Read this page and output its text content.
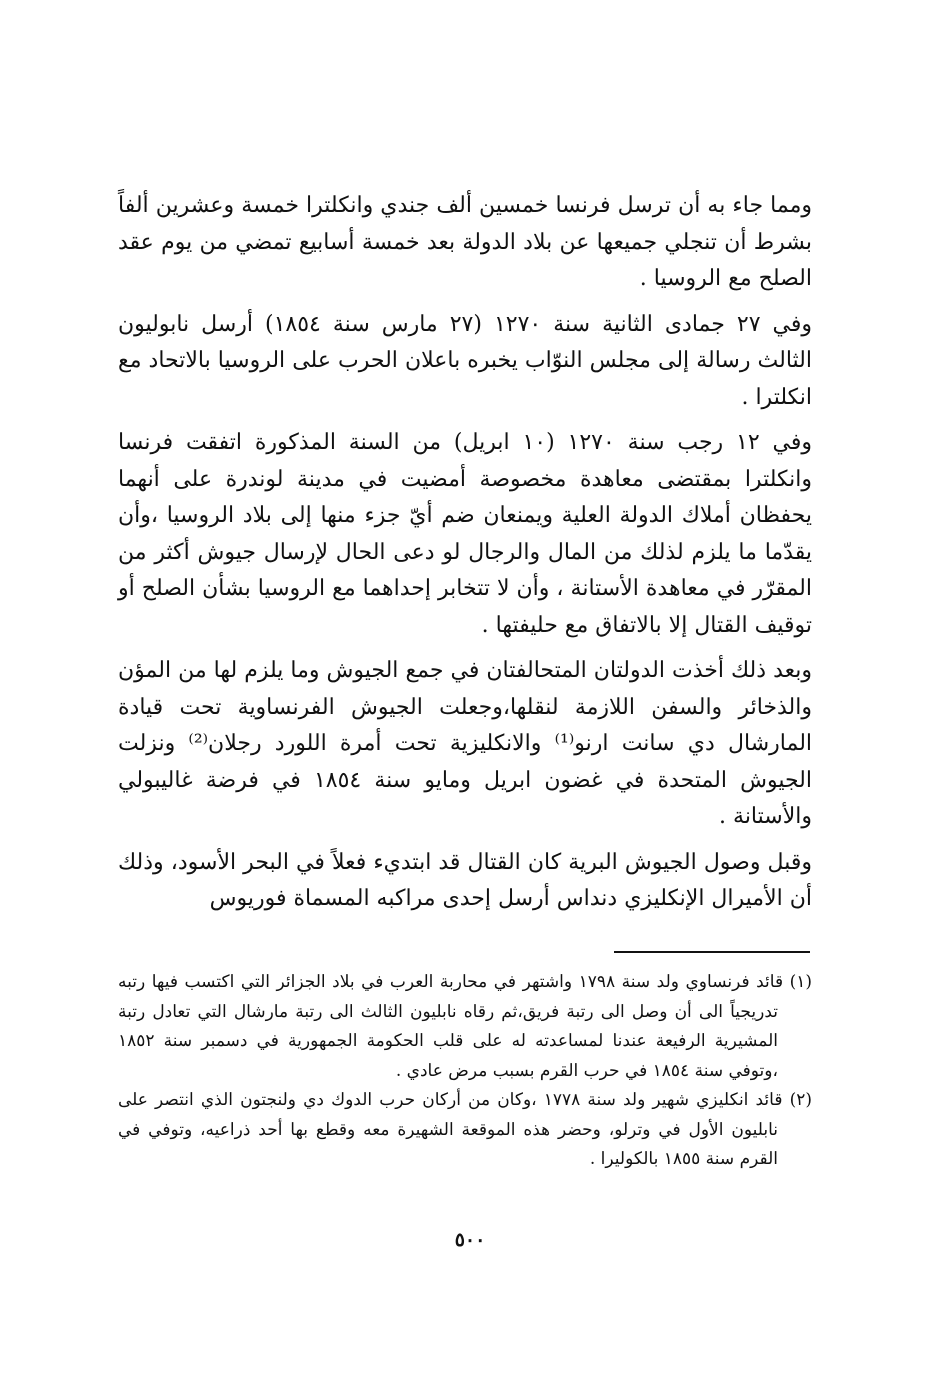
ومما جاء به أن ترسل فرنسا خمسين ألف جندي وانكلترا خمسة وعشرين ألفاً بشرط أن تنجلي جميعها عن بلاد الدولة بعد خمسة أسابيع تمضي من يوم عقد الصلح مع الروسيا .

وفي ٢٧ جمادى الثانية سنة ١٢٧٠ (٢٧ مارس سنة ١٨٥٤) أرسل نابوليون الثالث رسالة إلى مجلس النوّاب يخبره باعلان الحرب على الروسيا بالاتحاد مع انكلترا .

وفي ١٢ رجب سنة ١٢٧٠ (١٠ ابريل) من السنة المذكورة اتفقت فرنسا وانكلترا بمقتضى معاهدة مخصوصة أمضيت في مدينة لوندرة على أنهما يحفظان أملاك الدولة العلية ويمنعان ضم أيّ جزء منها إلى بلاد الروسيا ،وأن يقدّما ما يلزم لذلك من المال والرجال لو دعى الحال لإرسال جيوش أكثر من المقرّر في معاهدة الأستانة ، وأن لا تتخابر إحداهما مع الروسيا بشأن الصلح أو توقيف القتال إلا بالاتفاق مع حليفتها .

وبعد ذلك أخذت الدولتان المتحالفتان في جمع الجيوش وما يلزم لها من المؤن والذخائر والسفن اللازمة لنقلها،وجعلت الجيوش الفرنساوية تحت قيادة المارشال دي سانت ارنو⁽¹⁾ والانكليزية تحت أمرة اللورد رجلان⁽²⁾ ونزلت الجيوش المتحدة في غضون ابريل ومايو سنة ١٨٥٤ في فرضة غاليبولي والأستانة .

وقبل وصول الجيوش البرية كان القتال قد ابتديء فعلاً في البحر الأسود، وذلك أن الأميرال الإنكليزي دنداس أرسل إحدى مراكبه المسماة فوريوس

(١) قائد فرنساوي ولد سنة ١٧٩٨ واشتهر في محاربة العرب في بلاد الجزائر التي اكتسب فيها رتبه تدريجياً الى أن وصل الى رتبة فريق،ثم رقاه نابليون الثالث الى رتبة مارشال التي تعادل رتبة المشيرية الرفيعة عندنا لمساعدته له على قلب الحكومة الجمهورية في دسمبر سنة ١٨٥٢ ،وتوفي سنة ١٨٥٤ في حرب القرم بسبب مرض عادي .

(٢) قائد انكليزي شهير ولد سنة ١٧٧٨ ،وكان من أركان حرب الدوك دي ولنجتون الذي انتصر على نابليون الأول في وترلو، وحضر هذه الموقعة الشهيرة معه وقطع بها أحد ذراعيه، وتوفي في القرم سنة ١٨٥٥ بالكوليرا .

٥٠٠
